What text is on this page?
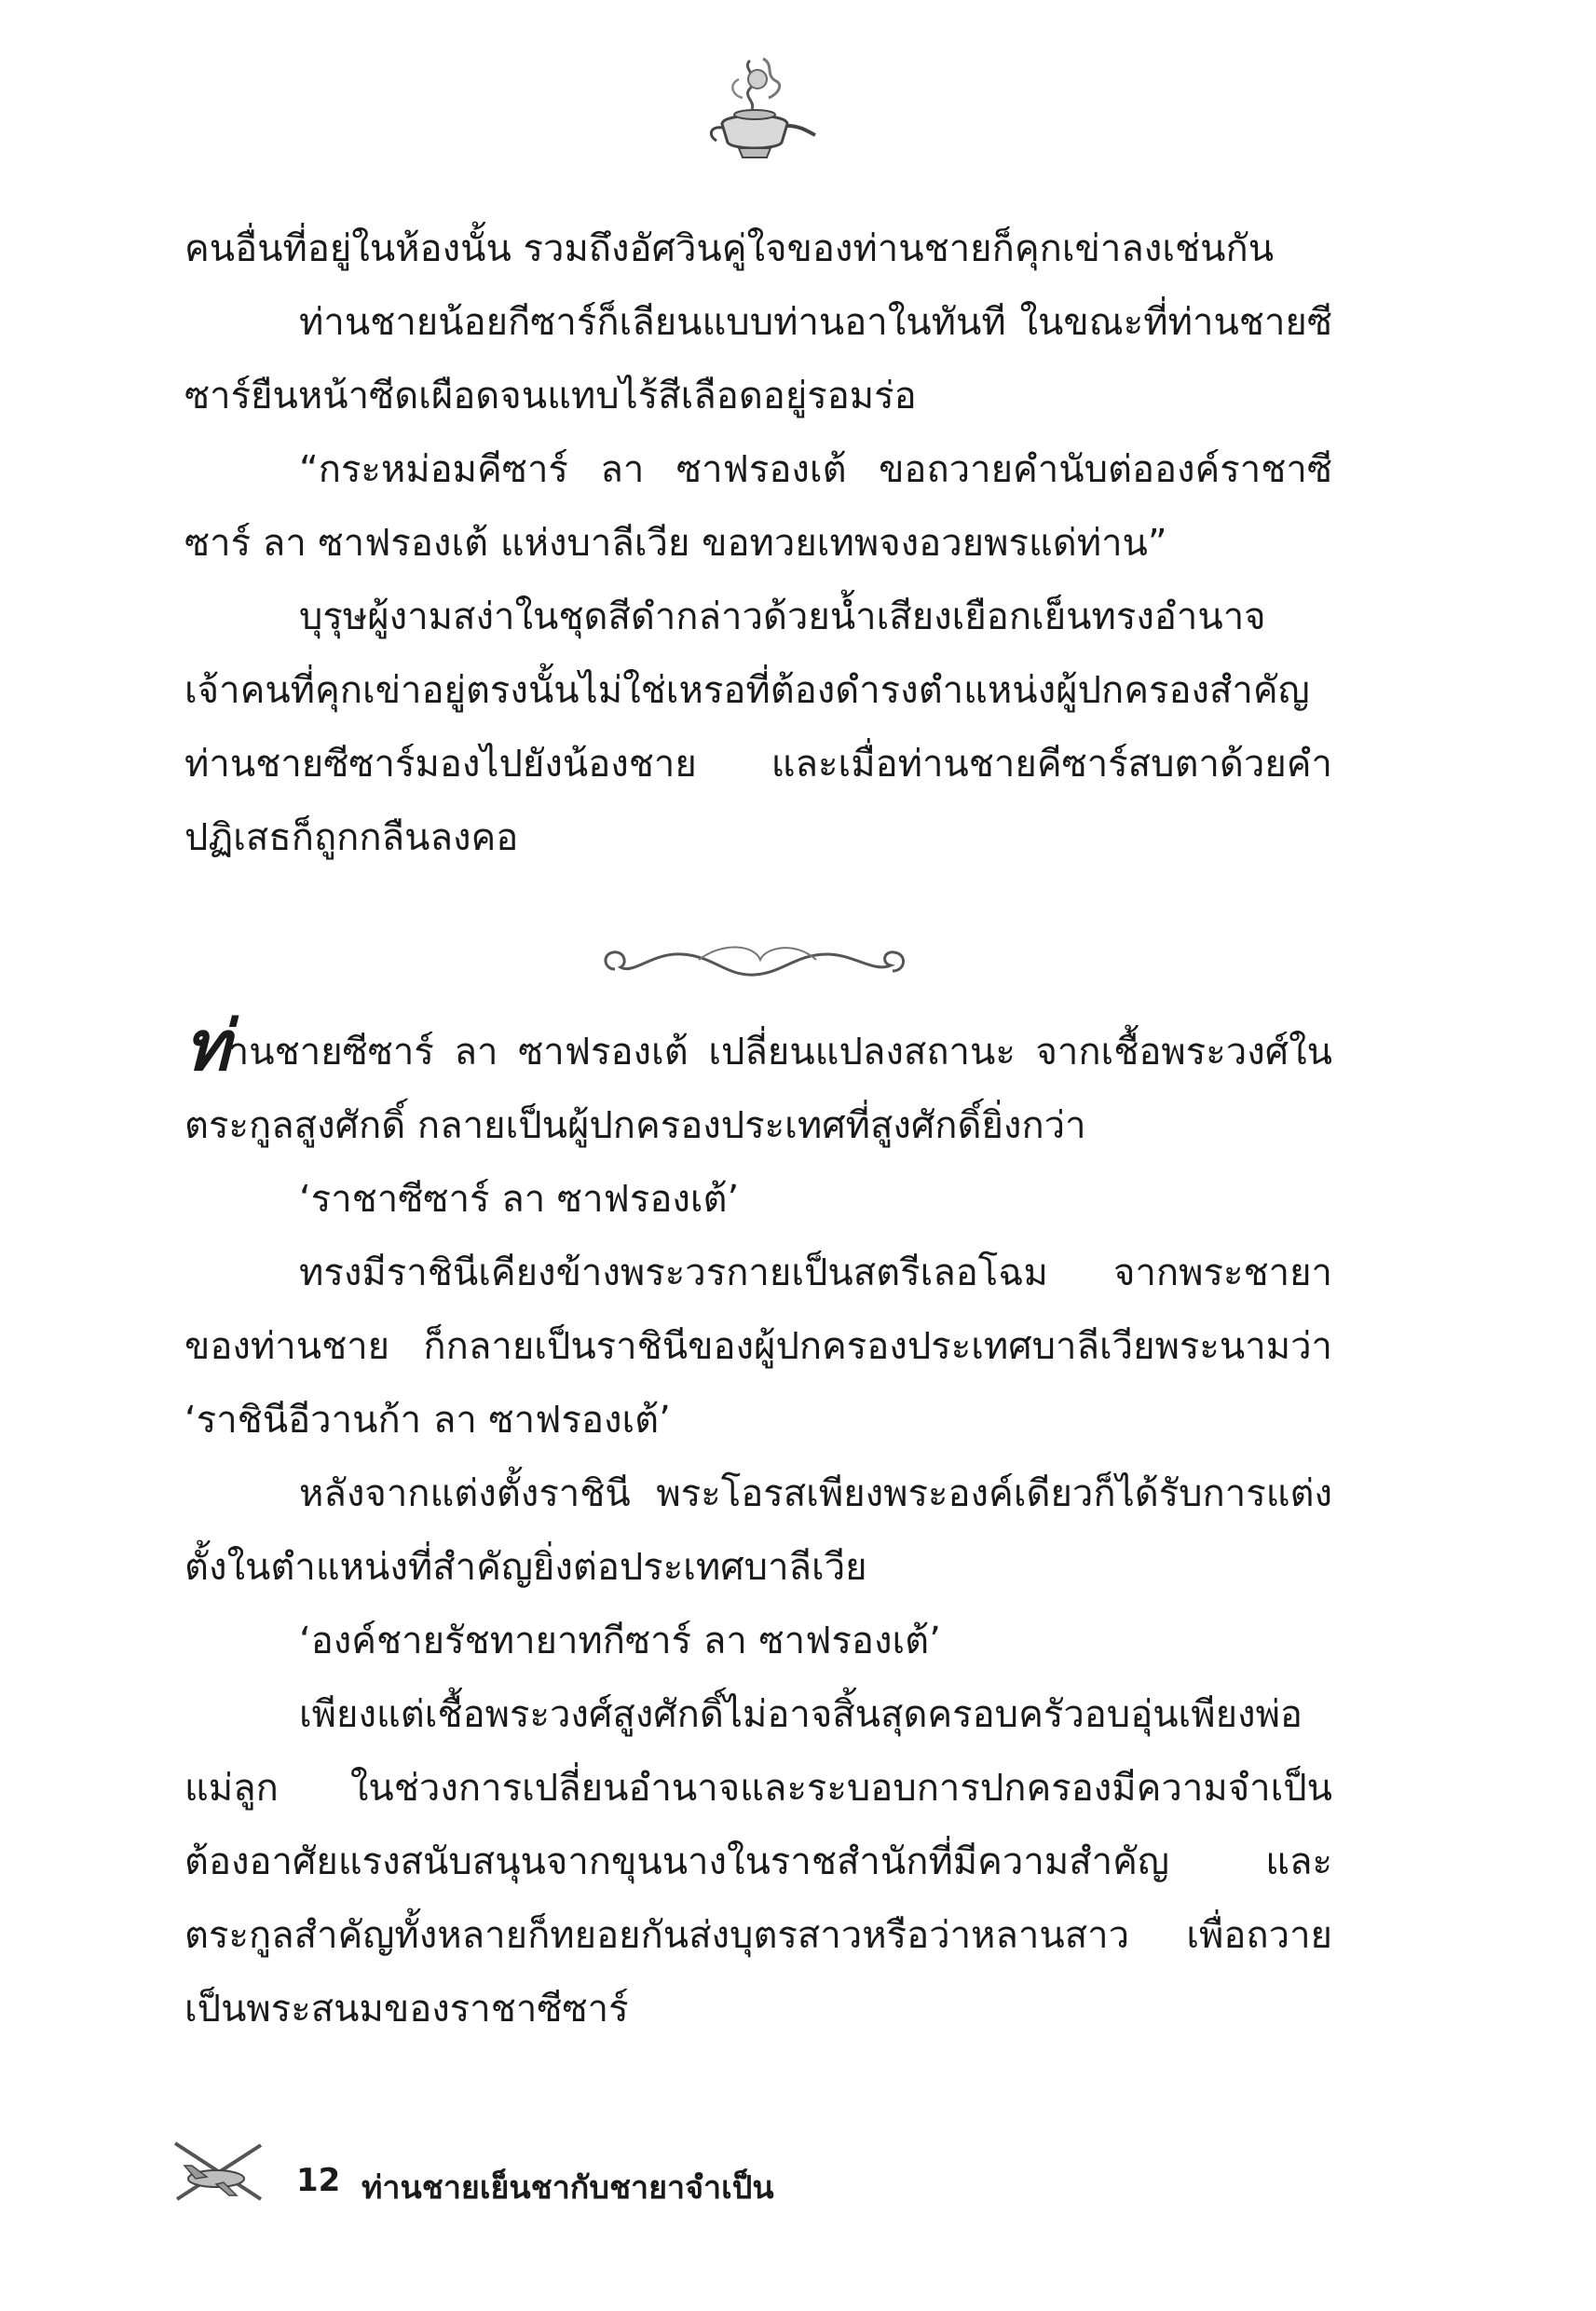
คนอื่นที่อยู่ในห้องนั้น รวมถึงอัศวินคู่ใจของท่านชายก็คุกเข่าลงเช่นกัน

ท่านชายน้อยกีซาร์ก็เลียนแบบท่านอาในทันที ในขณะที่ท่านชายซีซาร์ยืนหน้าซีดเผือดจนแทบไร้สีเลือดอยู่รอมร่อ

“กระหม่อมคีซาร์ ลา ซาฟรองเต้ ขอถวายคำนับต่อองค์ราชาซีซาร์ ลา ซาฟรองเต้ แห่งบาลีเวีย ขอทวยเทพจงอวยพรแด่ท่าน”

บุรุษผู้งามสง่าในชุดสีดำกล่าวด้วยน้ำเสียงเยือกเย็นทรงอำนาจ เจ้าคนที่คุกเข่าอยู่ตรงนั้นไม่ใช่เหรอที่ต้องดำรงตำแหน่งผู้ปกครองสำคัญ ท่านชายซีซาร์มองไปยังน้องชาย และเมื่อท่านชายคีซาร์สบตาด้วยคำปฏิเสธก็ถูกกลืนลงคอ

ท่านชายซีซาร์ ลา ซาฟรองเต้ เปลี่ยนแปลงสถานะ จากเชื้อพระวงศ์ในตระกูลสูงศักดิ์ กลายเป็นผู้ปกครองประเทศที่สูงศักดิ์ยิ่งกว่า

‘ราชาซีซาร์ ลา ซาฟรองเต้’

ทรงมีราชินีเคียงข้างพระวรกายเป็นสตรีเลอโฉม จากพระชายาของท่านชาย ก็กลายเป็นราชินีของผู้ปกครองประเทศบาลีเวียพระนามว่า ‘ราชินีอีวานก้า ลา ซาฟรองเต้’

หลังจากแต่งตั้งราชินี พระโอรสเพียงพระองค์เดียวก็ได้รับการแต่งตั้งในตำแหน่งที่สำคัญยิ่งต่อประเทศบาลีเวีย

‘องค์ชายรัชทายาทกีซาร์ ลา ซาฟรองเต้’

เพียงแต่เชื้อพระวงศ์สูงศักดิ์ไม่อาจสิ้นสุดครอบครัวอบอุ่นเพียงพ่อแม่ลูก ในช่วงการเปลี่ยนอำนาจและระบอบการปกครองมีความจำเป็นต้องอาศัยแรงสนับสนุนจากขุนนางในราชสำนักที่มีความสำคัญ และตระกูลสำคัญทั้งหลายก็ทยอยกันส่งบุตรสาวหรือว่าหลานสาว เพื่อถวายเป็นพระสนมของราชาซีซาร์

12 ท่านชายเย็นชากับชายาจำเป็น
